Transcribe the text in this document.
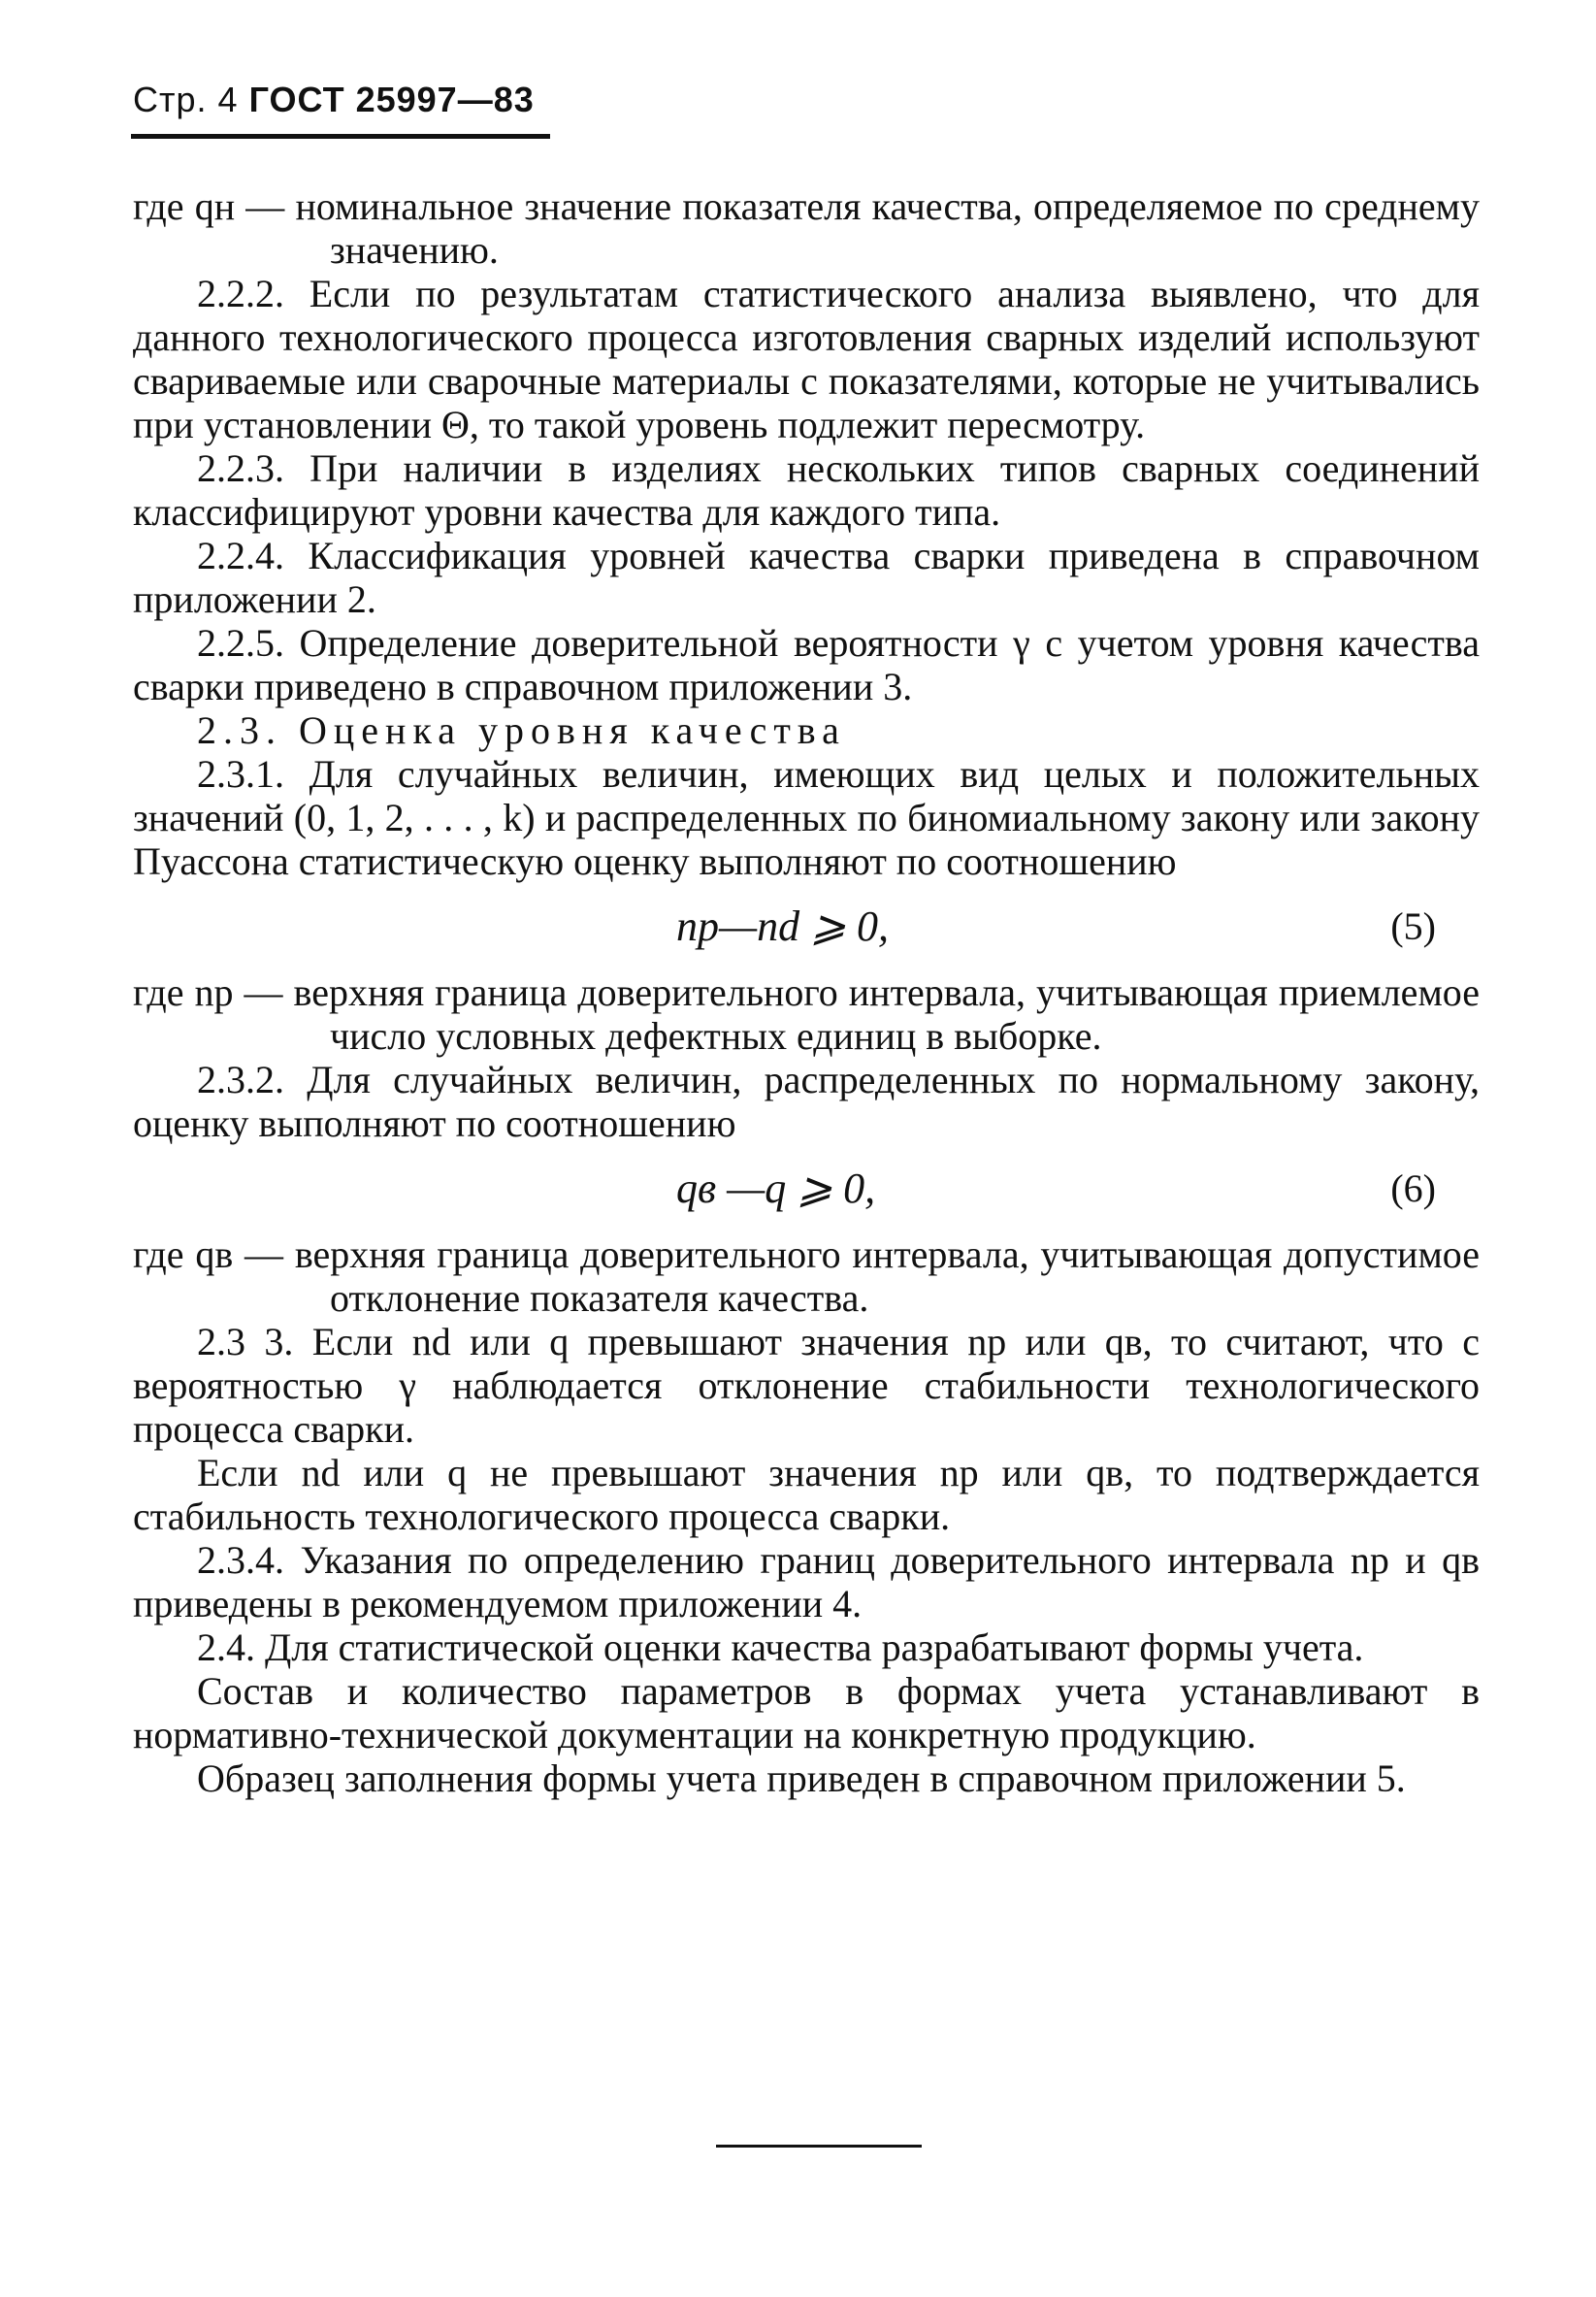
Стр. 4 ГОСТ 25997—83

где qн — номинальное значение показателя качества, определяемое по среднему значению.

2.2.2. Если по результатам статистического анализа выявлено, что для данного технологического процесса изготовления сварных изделий используют свариваемые или сварочные материалы с показателями, которые не учитывались при установлении Θ, то такой уровень подлежит пересмотру.

2.2.3. При наличии в изделиях нескольких типов сварных соединений классифицируют уровни качества для каждого типа.

2.2.4. Классификация уровней качества сварки приведена в справочном приложении 2.

2.2.5. Определение доверительной вероятности γ с учетом уровня качества сварки приведено в справочном приложении 3.

2.3. Оценка уровня качества

2.3.1. Для случайных величин, имеющих вид целых и положительных значений (0, 1, 2, . . . , k) и распределенных по биномиальному закону или закону Пуассона статистическую оценку выполняют по соотношению

np—nd ⩾ 0,	(5)

где np — верхняя граница доверительного интервала, учитывающая приемлемое число условных дефектных единиц в выборке.

2.3.2. Для случайных величин, распределенных по нормальному закону, оценку выполняют по соотношению

qв —q ⩾ 0,	(6)

где qв — верхняя граница доверительного интервала, учитывающая допустимое отклонение показателя качества.

2.3 3. Если nd или q превышают значения np или qв, то считают, что с вероятностью γ наблюдается отклонение стабильности технологического процесса сварки.

Если nd или q не превышают значения np или qв, то подтверждается стабильность технологического процесса сварки.

2.3.4. Указания по определению границ доверительного интервала np и qв приведены в рекомендуемом приложении 4.

2.4. Для статистической оценки качества разрабатывают формы учета.

Состав и количество параметров в формах учета устанавливают в нормативно-технической документации на конкретную продукцию.

Образец заполнения формы учета приведен в справочном приложении 5.
